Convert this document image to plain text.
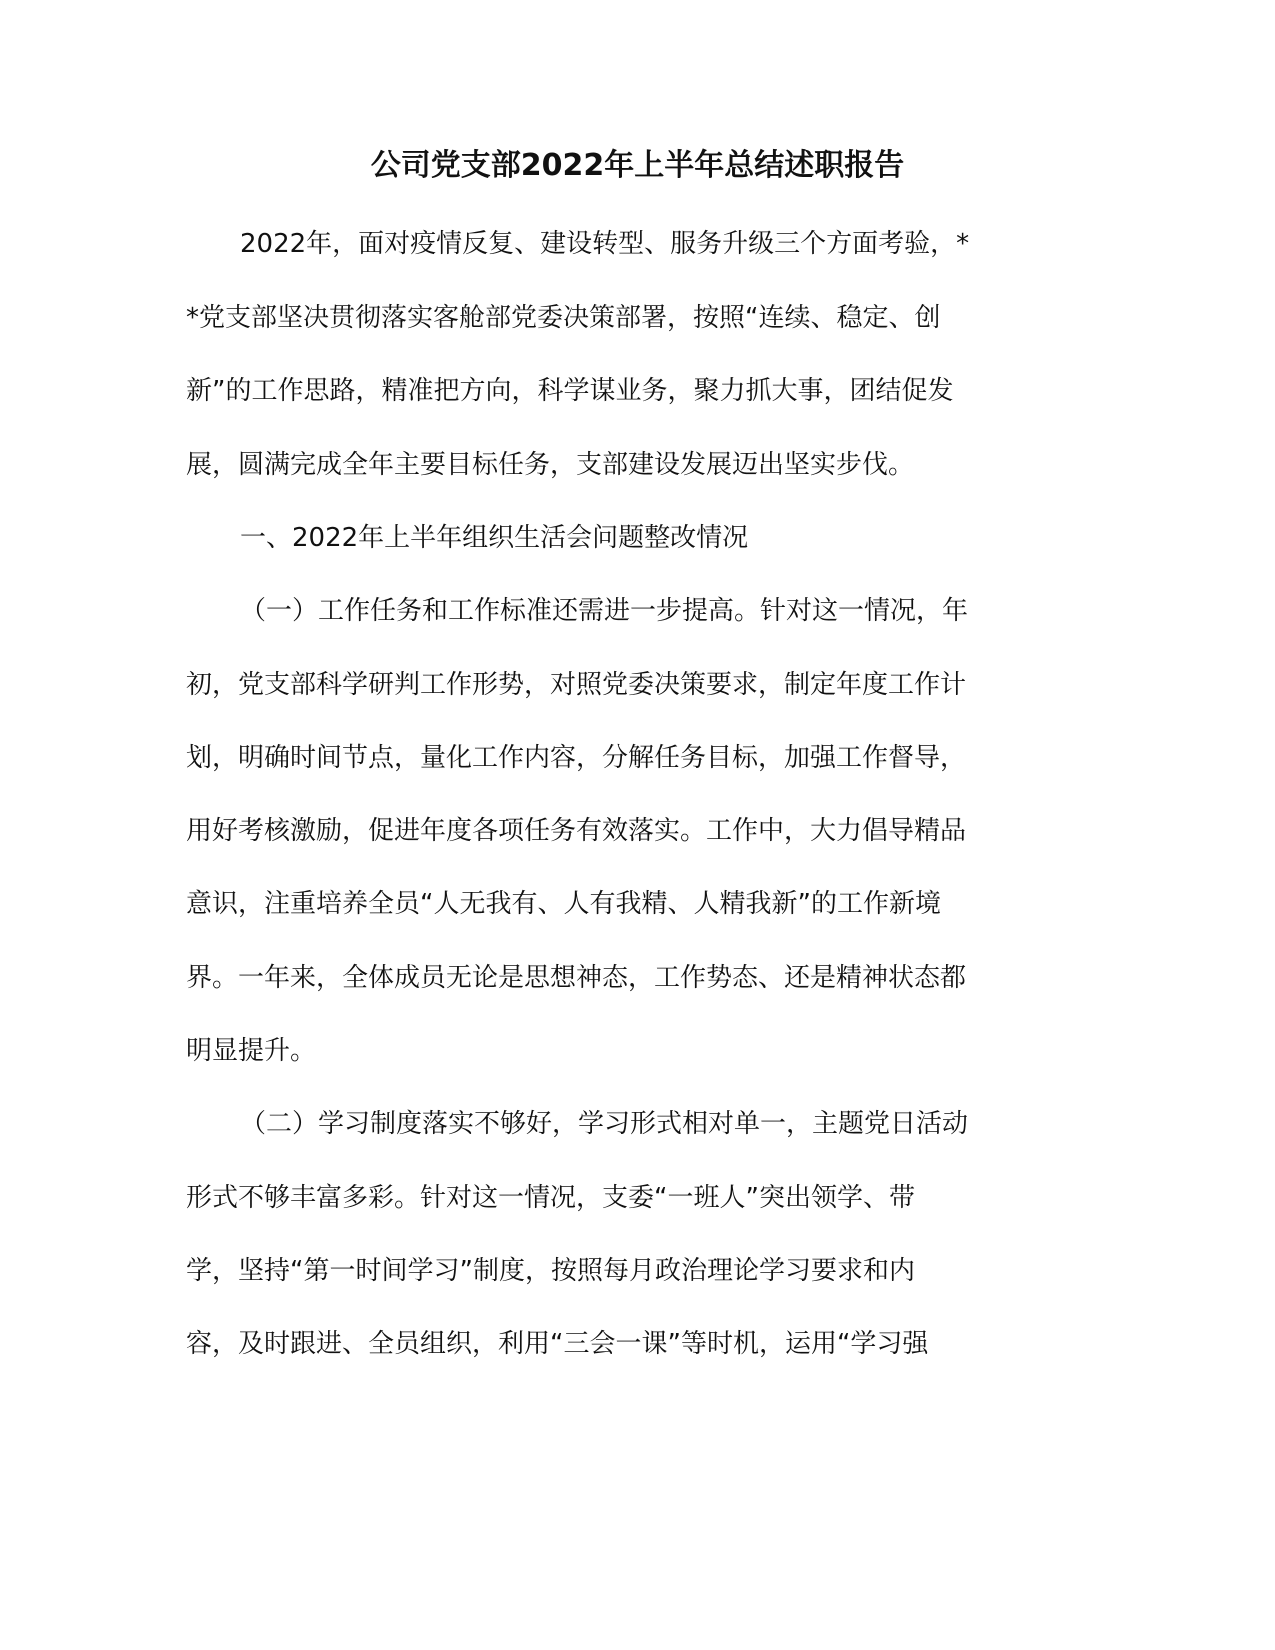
公司党支部2022年上半年总结述职报告

2022年，面对疫情反复、建设转型、服务升级三个方面考验，*

*党支部坚决贯彻落实客舱部党委决策部署，按照“连续、稳定、创

新”的工作思路，精准把方向，科学谋业务，聚力抓大事，团结促发

展，圆满完成全年主要目标任务，支部建设发展迈出坚实步伐。

一、2022年上半年组织生活会问题整改情况

（一）工作任务和工作标准还需进一步提高。针对这一情况，年

初，党支部科学研判工作形势，对照党委决策要求，制定年度工作计

划，明确时间节点，量化工作内容，分解任务目标，加强工作督导，

用好考核激励，促进年度各项任务有效落实。工作中，大力倡导精品

意识，注重培养全员“人无我有、人有我精、人精我新”的工作新境

界。一年来，全体成员无论是思想神态，工作势态、还是精神状态都

明显提升。

（二）学习制度落实不够好，学习形式相对单一，主题党日活动

形式不够丰富多彩。针对这一情况，支委“一班人”突出领学、带

学，坚持“第一时间学习”制度，按照每月政治理论学习要求和内

容，及时跟进、全员组织，利用“三会一课”等时机，运用“学习强
